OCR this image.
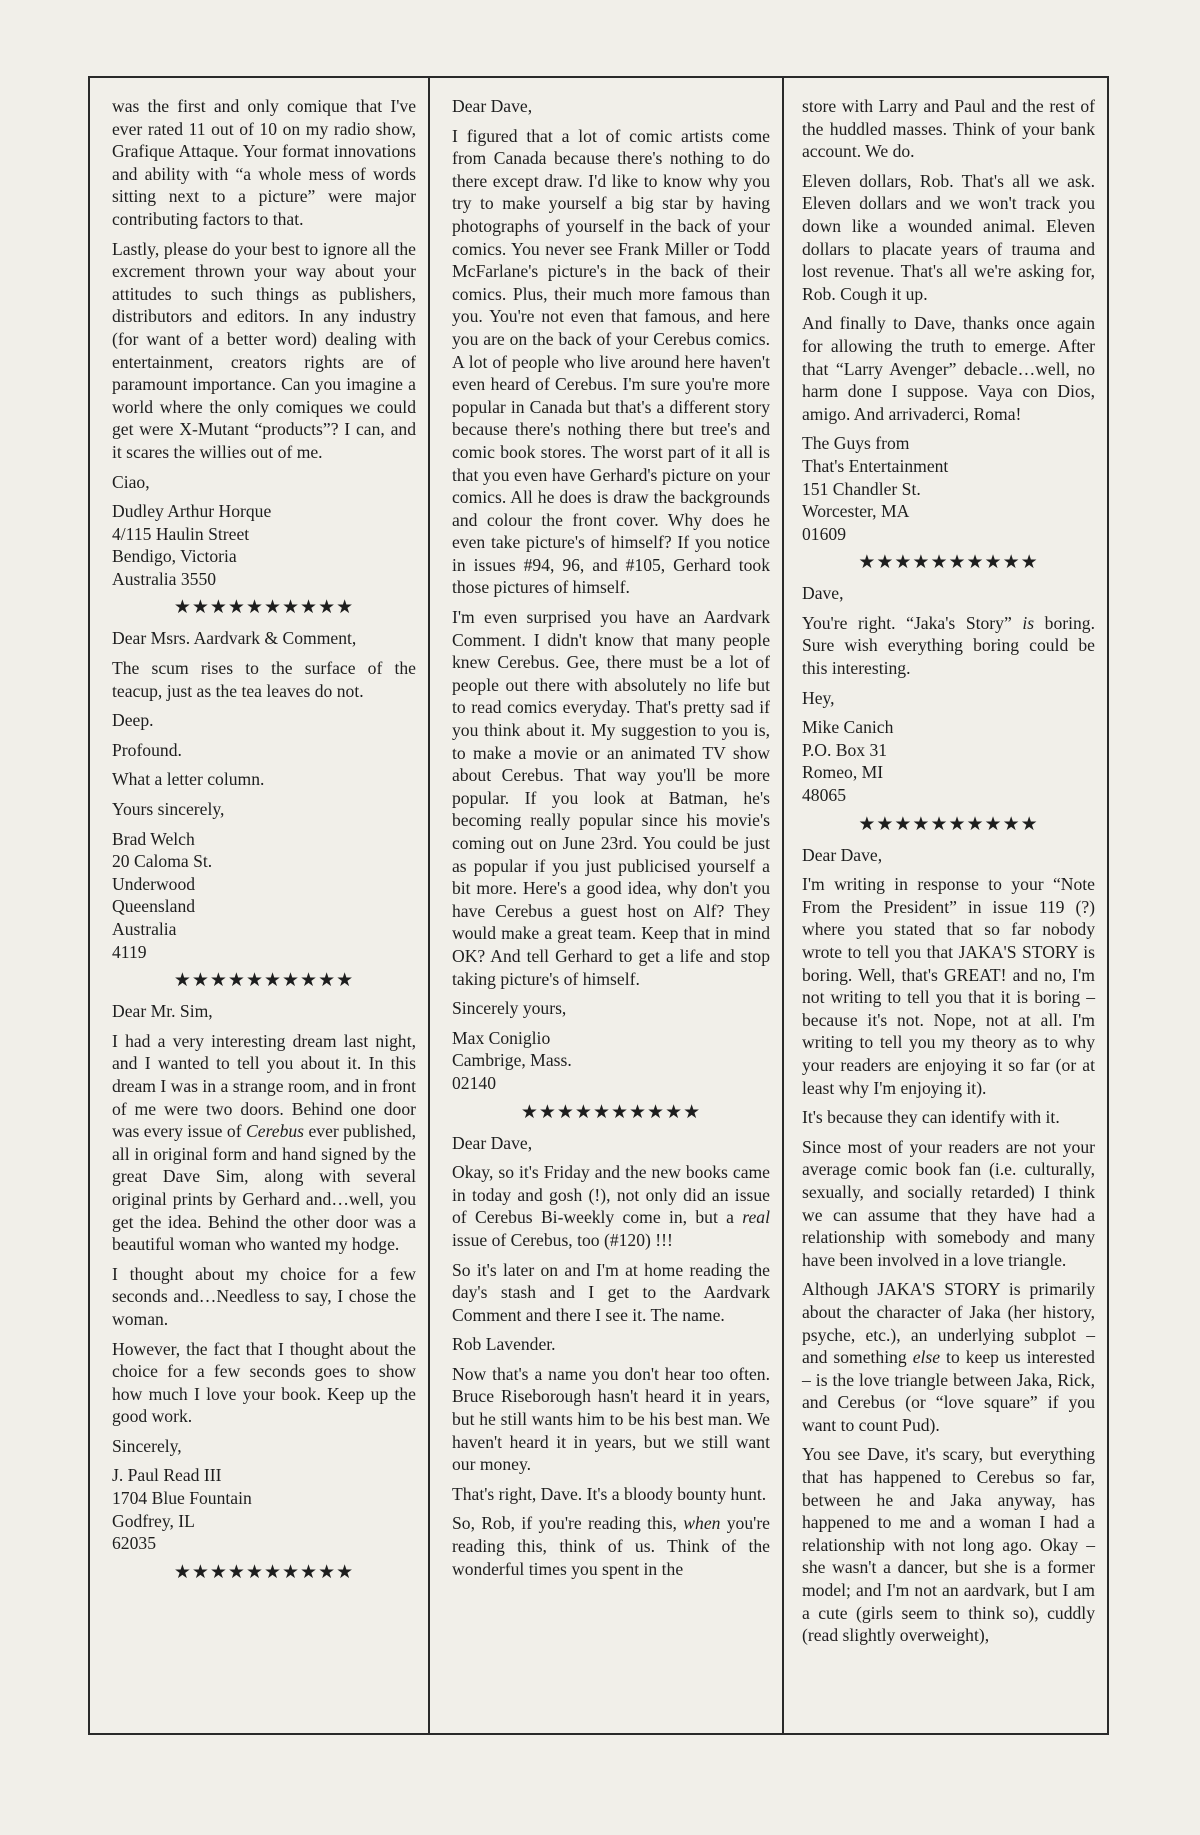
was the first and only comique that I've ever rated 11 out of 10 on my radio show, Grafique Attaque. Your format innovations and ability with “a whole mess of words sitting next to a picture” were major contributing factors to that.

Lastly, please do your best to ignore all the excrement thrown your way about your attitudes to such things as publishers, distributors and editors. In any industry (for want of a better word) dealing with entertainment, creators rights are of paramount importance. Can you imagine a world where the only comiques we could get were X-Mutant “products”? I can, and it scares the willies out of me.

Ciao,

Dudley Arthur Horque
4/115 Haulin Street
Bendigo, Victoria
Australia 3550

★★★★★★★★★★

Dear Msrs. Aardvark & Comment,

The scum rises to the surface of the teacup, just as the tea leaves do not.

Deep.

Profound.

What a letter column.

Yours sincerely,

Brad Welch
20 Caloma St.
Underwood
Queensland
Australia
4119

★★★★★★★★★★

Dear Mr. Sim,

I had a very interesting dream last night, and I wanted to tell you about it. In this dream I was in a strange room, and in front of me were two doors. Behind one door was every issue of Cerebus ever published, all in original form and hand signed by the great Dave Sim, along with several original prints by Gerhard and…well, you get the idea. Behind the other door was a beautiful woman who wanted my hodge.

I thought about my choice for a few seconds and…Needless to say, I chose the woman.

However, the fact that I thought about the choice for a few seconds goes to show how much I love your book. Keep up the good work.

Sincerely,

J. Paul Read III
1704 Blue Fountain
Godfrey, IL
62035

★★★★★★★★★★

Dear Dave,

I figured that a lot of comic artists come from Canada because there's nothing to do there except draw. I'd like to know why you try to make yourself a big star by having photographs of yourself in the back of your comics. You never see Frank Miller or Todd McFarlane's picture's in the back of their comics. Plus, their much more famous than you. You're not even that famous, and here you are on the back of your Cerebus comics. A lot of people who live around here haven't even heard of Cerebus. I'm sure you're more popular in Canada but that's a different story because there's nothing there but tree's and comic book stores. The worst part of it all is that you even have Gerhard's picture on your comics. All he does is draw the backgrounds and colour the front cover. Why does he even take picture's of himself? If you notice in issues #94, 96, and #105, Gerhard took those pictures of himself.

I'm even surprised you have an Aardvark Comment. I didn't know that many people knew Cerebus. Gee, there must be a lot of people out there with absolutely no life but to read comics everyday. That's pretty sad if you think about it. My suggestion to you is, to make a movie or an animated TV show about Cerebus. That way you'll be more popular. If you look at Batman, he's becoming really popular since his movie's coming out on June 23rd. You could be just as popular if you just publicised yourself a bit more. Here's a good idea, why don't you have Cerebus a guest host on Alf? They would make a great team. Keep that in mind OK? And tell Gerhard to get a life and stop taking picture's of himself.

Sincerely yours,

Max Coniglio
Cambrige, Mass.
02140

★★★★★★★★★★

Dear Dave,

Okay, so it's Friday and the new books came in today and gosh (!), not only did an issue of Cerebus Bi-weekly come in, but a real issue of Cerebus, too (#120) !!!

So it's later on and I'm at home reading the day's stash and I get to the Aardvark Comment and there I see it. The name.

Rob Lavender.

Now that's a name you don't hear too often. Bruce Riseborough hasn't heard it in years, but he still wants him to be his best man. We haven't heard it in years, but we still want our money.

That's right, Dave. It's a bloody bounty hunt.

So, Rob, if you're reading this, when you're reading this, think of us. Think of the wonderful times you spent in the

store with Larry and Paul and the rest of the huddled masses. Think of your bank account. We do.

Eleven dollars, Rob. That's all we ask. Eleven dollars and we won't track you down like a wounded animal. Eleven dollars to placate years of trauma and lost revenue. That's all we're asking for, Rob. Cough it up.

And finally to Dave, thanks once again for allowing the truth to emerge. After that “Larry Avenger” debacle…well, no harm done I suppose. Vaya con Dios, amigo. And arrivaderci, Roma!

The Guys from
That's Entertainment
151 Chandler St.
Worcester, MA
01609

★★★★★★★★★★

Dave,

You're right. “Jaka's Story” is boring. Sure wish everything boring could be this interesting.

Hey,

Mike Canich
P.O. Box 31
Romeo, MI
48065

★★★★★★★★★★

Dear Dave,

I'm writing in response to your “Note From the President” in issue 119 (?) where you stated that so far nobody wrote to tell you that JAKA'S STORY is boring. Well, that's GREAT! and no, I'm not writing to tell you that it is boring – because it's not. Nope, not at all. I'm writing to tell you my theory as to why your readers are enjoying it so far (or at least why I'm enjoying it).

It's because they can identify with it.

Since most of your readers are not your average comic book fan (i.e. culturally, sexually, and socially retarded) I think we can assume that they have had a relationship with somebody and many have been involved in a love triangle.

Although JAKA'S STORY is primarily about the character of Jaka (her history, psyche, etc.), an underlying subplot – and something else to keep us interested – is the love triangle between Jaka, Rick, and Cerebus (or “love square” if you want to count Pud).

You see Dave, it's scary, but everything that has happened to Cerebus so far, between he and Jaka anyway, has happened to me and a woman I had a relationship with not long ago. Okay – she wasn't a dancer, but she is a former model; and I'm not an aardvark, but I am a cute (girls seem to think so), cuddly (read slightly overweight),
